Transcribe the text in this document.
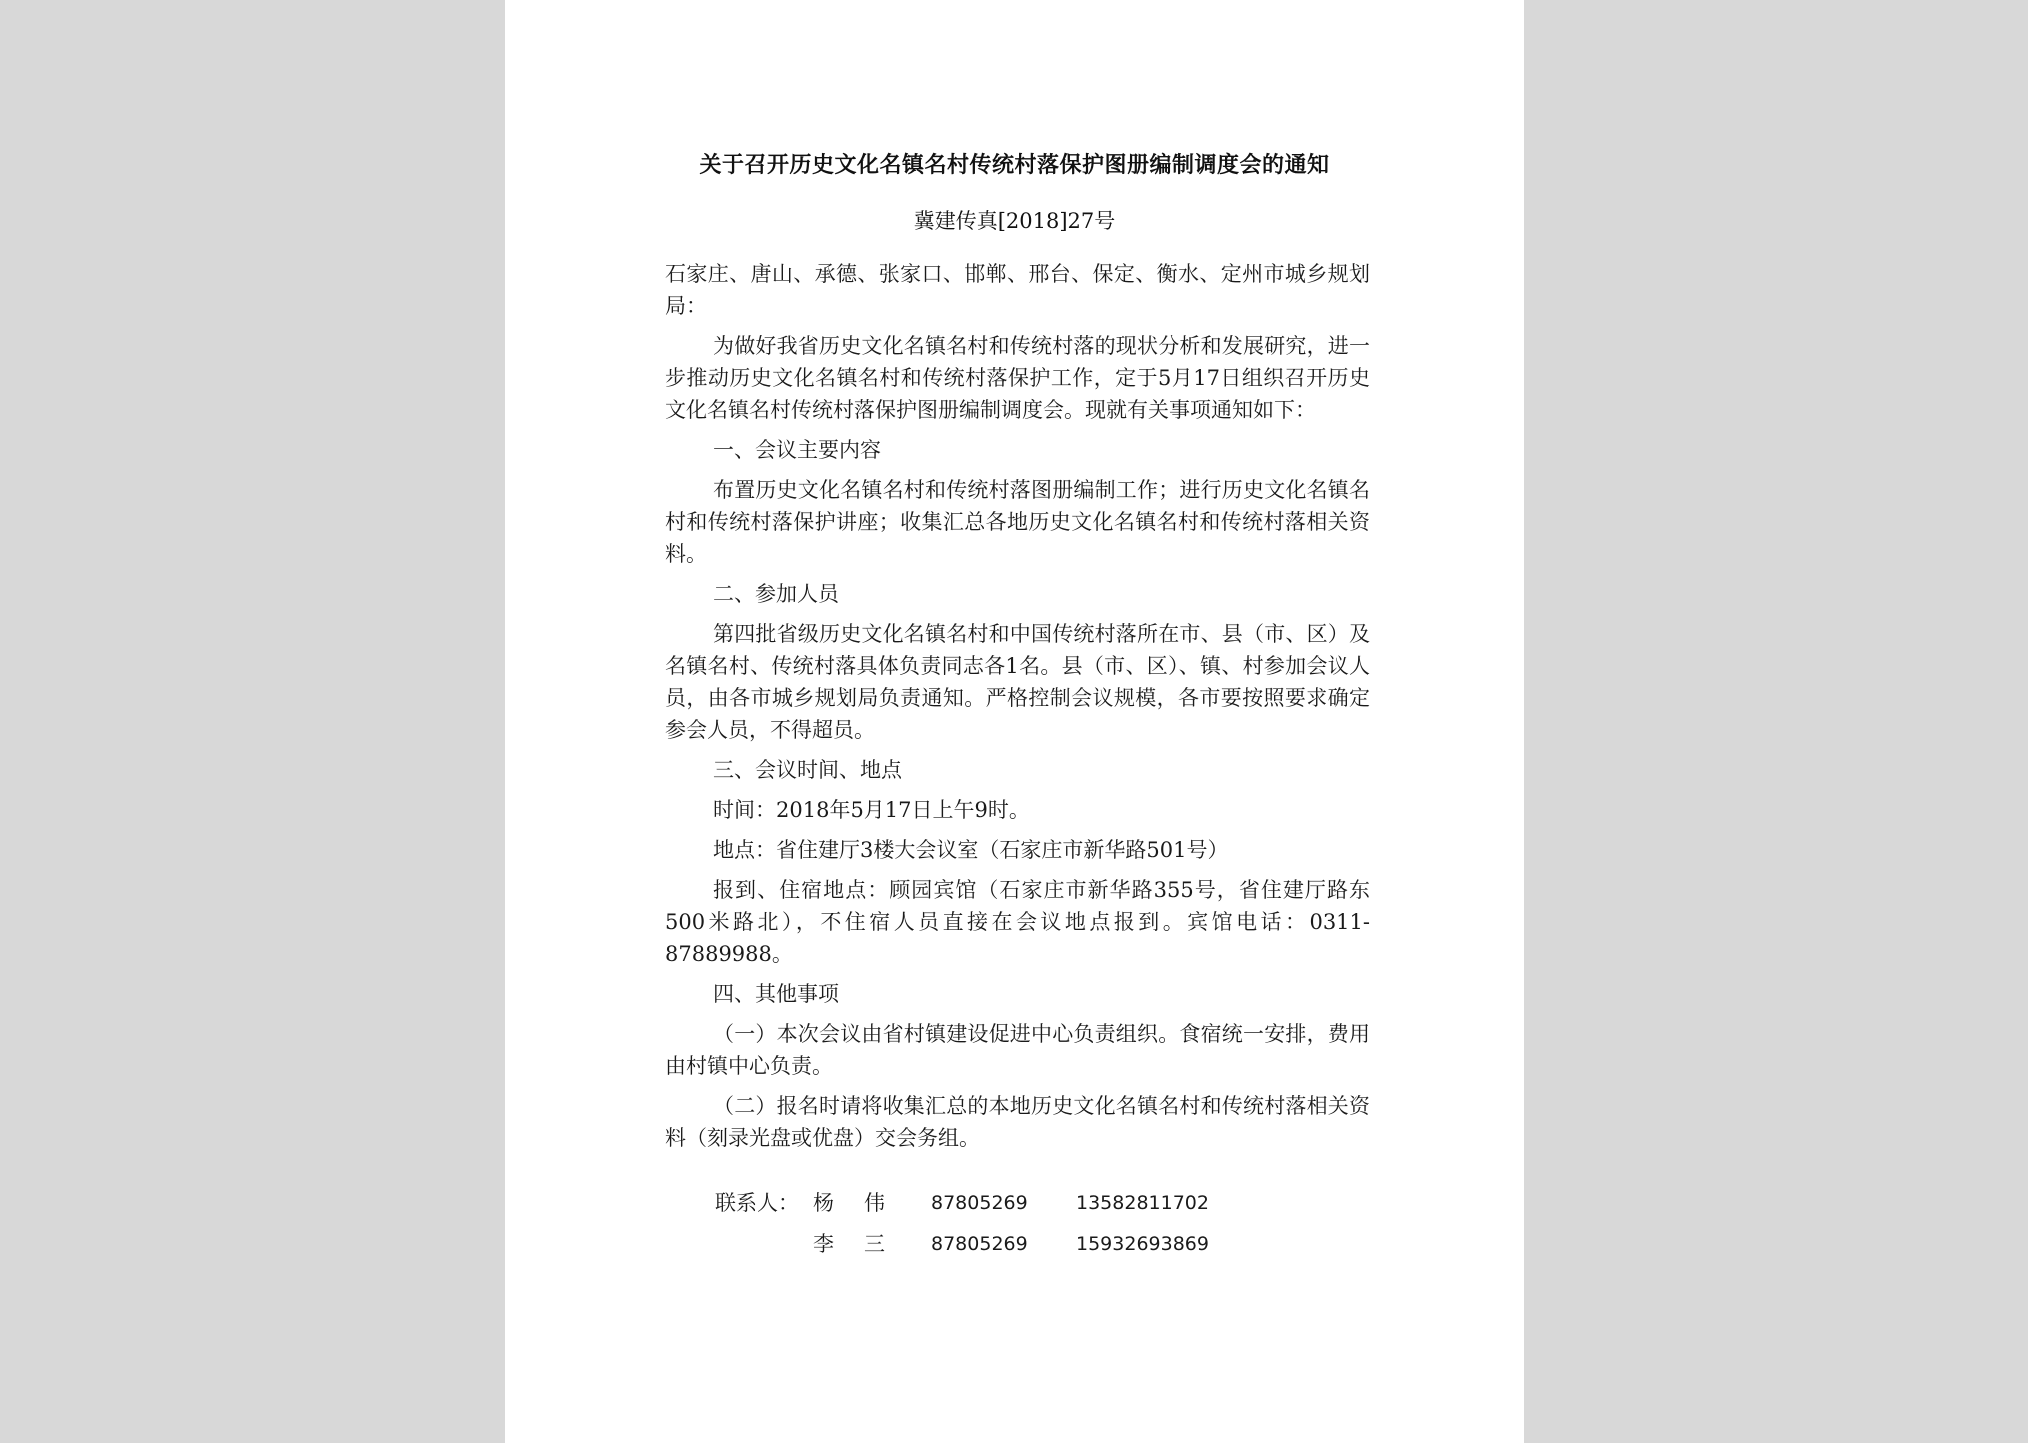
关于召开历史文化名镇名村传统村落保护图册编制调度会的通知
冀建传真[2018]27号

石家庄、唐山、承德、张家口、邯郸、邢台、保定、衡水、定州市城乡规划局：

为做好我省历史文化名镇名村和传统村落的现状分析和发展研究，进一步推动历史文化名镇名村和传统村落保护工作，定于5月17日组织召开历史文化名镇名村传统村落保护图册编制调度会。现就有关事项通知如下：

一、会议主要内容

布置历史文化名镇名村和传统村落图册编制工作；进行历史文化名镇名村和传统村落保护讲座；收集汇总各地历史文化名镇名村和传统村落相关资料。

二、参加人员

第四批省级历史文化名镇名村和中国传统村落所在市、县（市、区）及名镇名村、传统村落具体负责同志各1名。县（市、区）、镇、村参加会议人员，由各市城乡规划局负责通知。严格控制会议规模，各市要按照要求确定参会人员，不得超员。

三、会议时间、地点

时间：2018年5月17日上午9时。

地点：省住建厅3楼大会议室（石家庄市新华路501号）

报到、住宿地点：顾园宾馆（石家庄市新华路355号，省住建厅路东500米路北），不住宿人员直接在会议地点报到。宾馆电话：0311-87889988。

四、其他事项

（一）本次会议由省村镇建设促进中心负责组织。食宿统一安排，费用由村镇中心负责。

（二）报名时请将收集汇总的本地历史文化名镇名村和传统村落相关资料（刻录光盘或优盘）交会务组。

联系人： 杨伟 87805269	13582811702
李三 87805269	15932693869
